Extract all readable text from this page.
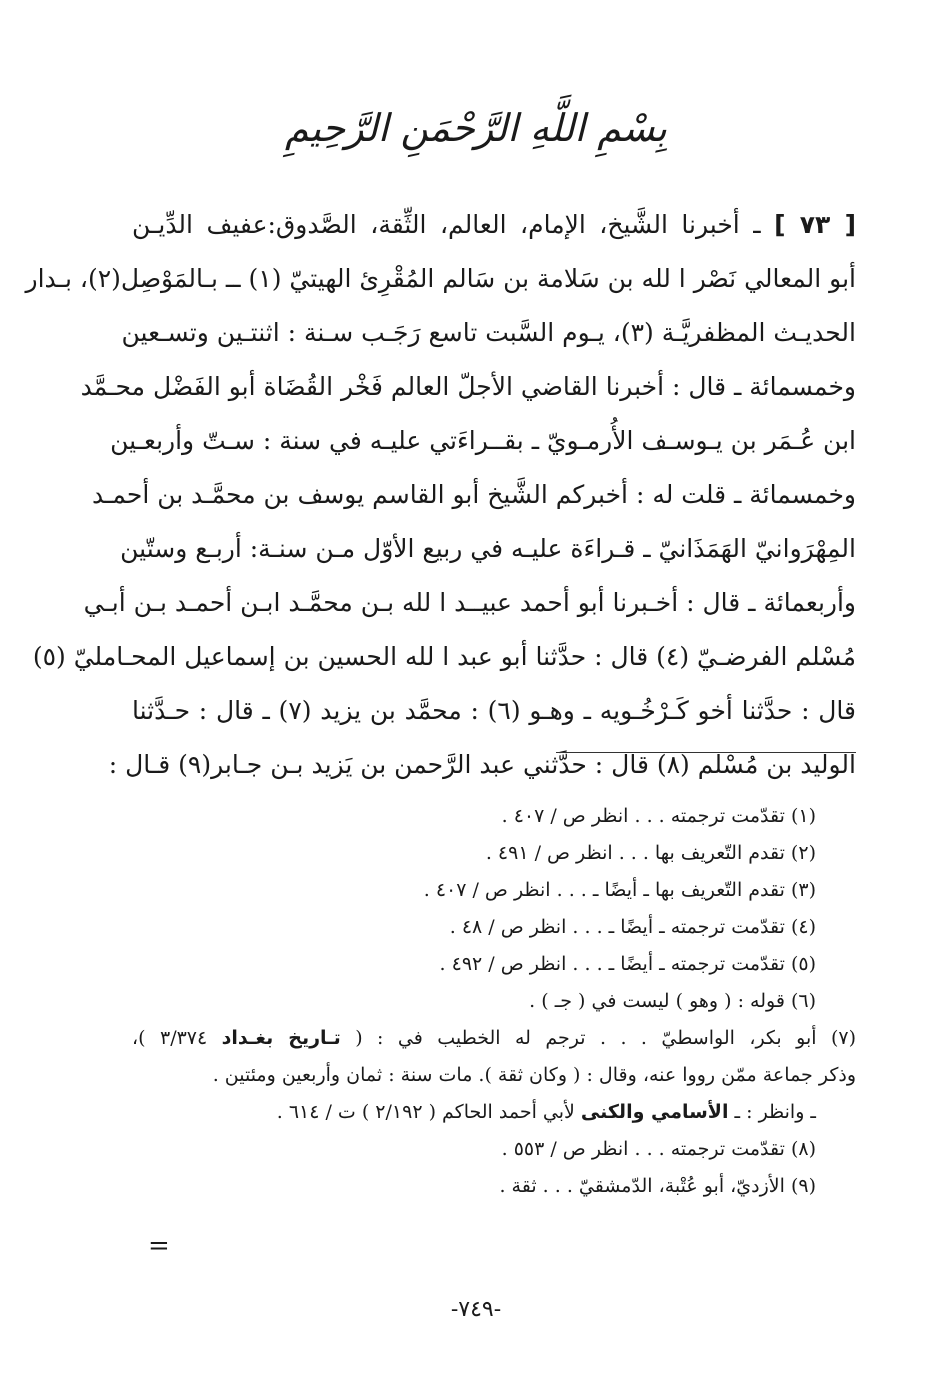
بِسْمِ اللَّهِ الرَّحْمَنِ الرَّحِيمِ
[ ٧٣ ] ـ أخبرنا الشَّيخ، الإمام، العالم، الثِّقة، الصَّدوق:عفيف الدِّيـن
أبو المعالي نَصْر ا لله بن سَلامة بن سَالم المُقْرِئ الهيتيّ (١) ــ بـالمَوْصِل(٢)، بـدار
الحديـث المظفريَّـة (٣)، يـوم السَّبت تاسع رَجَـب سـنة : اثنتـين وتسـعين
وخمسمائة ـ قال : أخبرنا القاضي الأجلّ العالم فَخْر القُضَاة أبو الفَضْل محـمَّد
ابن عُـمَر بن يـوسـف الأُرمـويّ ـ بقــراءَتي عليـه في سنة : سـتّ وأربعـين
وخمسمائة ـ قلت له : أخبركم الشَّيخ أبو القاسم يوسف بن محمَّـد بن أحمـد
المِهْرَوانيّ الهَمَذَانيّ ـ قـراءَة عليـه في ربيع الأوّل مـن سنـة: أربـع وستّين
وأربعمائة ـ قال : أخـبرنا أبو أحمد عبيــد ا لله بـن محمَّـد ابـن أحمـد بـن أبـي
مُسْلم الفرضـيّ (٤) قال : حدَّثنا أبو عبد ا لله الحسين بن إسماعيل المحـامليّ (٥)
قال : حدَّثنا أخو كَـرْخُـويه ـ وهـو (٦) : محمَّد بن يزيد (٧) ـ قال : حـدَّثنا
الوليد بن مُسْلم (٨) قال : حدَّثني عبد الرَّحمن بن يَزيد بـن جـابر(٩) قـال :
(١) تقدّمت ترجمته . . . انظر ص / ٤٠٧ .
(٢) تقدم التّعريف بها . . . انظر ص / ٤٩١ .
(٣) تقدم التّعريف بها ـ أيضًا ـ . . . انظر ص / ٤٠٧ .
(٤) تقدّمت ترجمته ـ أيضًا ـ . . . انظر ص / ٤٨ .
(٥) تقدّمت ترجمته ـ أيضًا ـ . . . انظر ص / ٤٩٢ .
(٦) قوله : ( وهو ) ليست في ( جـ ) .
(٧) أبو بكر، الواسطيّ . . . ترجم له الخطيب في : ( تـاريخ بغـداد ٣/٣٧٤ )،
وذكر جماعة ممّن رووا عنه، وقال : ( وكان ثقة ). مات سنة : ثمان وأربعين ومئتين .
ـ وانظر : ـ الأسامي والكنى لأبي أحمد الحاكم ( ٢/١٩٢ ) ت / ٦١٤ .
(٨) تقدّمت ترجمته . . . انظر ص / ٥٥٣ .
(٩) الأزديّ، أبو عُتْبة، الدّمشقيّ . . . ثقة .
=
-٧٤٩-
